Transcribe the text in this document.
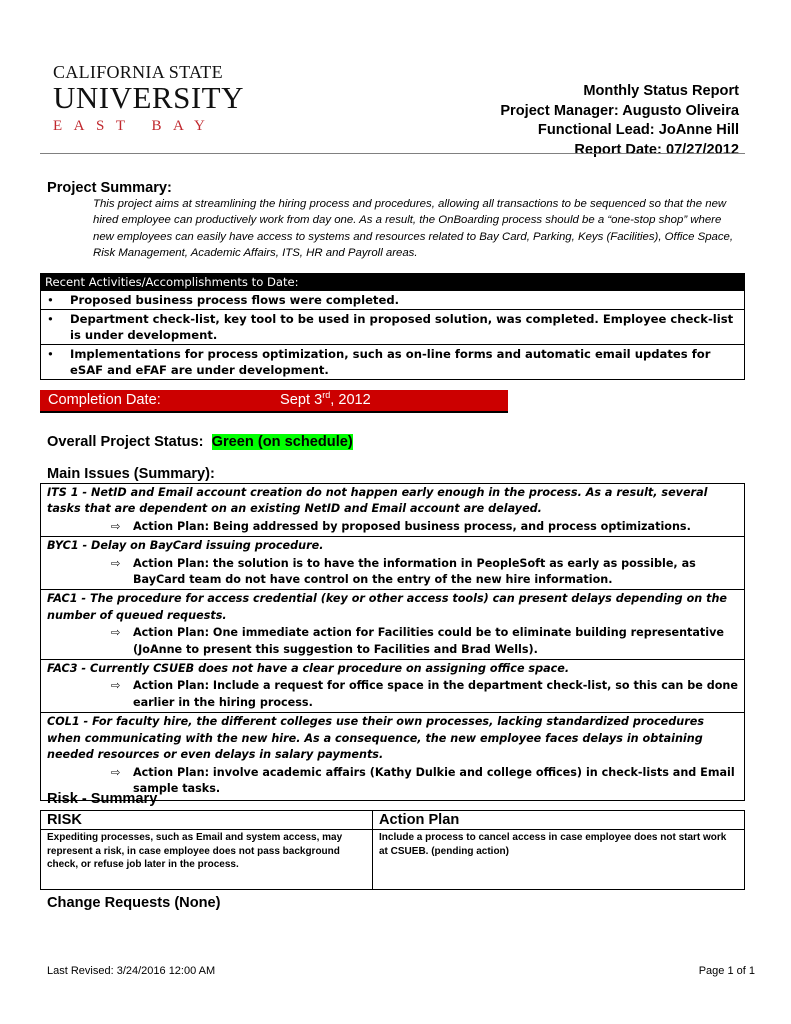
CALIFORNIA STATE
UNIVERSITY
EAST BAY
Monthly Status Report
Project Manager: Augusto Oliveira
Functional Lead: JoAnne Hill
Report Date: 07/27/2012
Project Summary:
This project aims at streamlining the hiring process and procedures, allowing all transactions to be sequenced so that the new hired employee can productively work from day one. As a result, the OnBoarding process should be a “one-stop shop” where new employees can easily have access to systems and resources related to Bay Card, Parking, Keys (Facilities), Office Space, Risk Management, Academic Affairs, ITS, HR and Payroll areas.
Recent Activities/Accomplishments to Date:

• Proposed business process flows were completed.

• Department check-list, key tool to be used in proposed solution, was completed. Employee check-list is under development.

• Implementations for process optimization, such as on-line forms and automatic email updates for eSAF and eFAF are under development.
Completion Date:	Sept 3rd, 2012
Overall Project Status: Green (on schedule)
Main Issues (Summary):
ITS 1 - NetID and Email account creation do not happen early enough in the process. As a result, several tasks that are dependent on an existing NetID and Email account are delayed.
⇨ Action Plan: Being addressed by proposed business process, and process optimizations.

BYC1 - Delay on BayCard issuing procedure.
⇨ Action Plan: the solution is to have the information in PeopleSoft as early as possible, as BayCard team do not have control on the entry of the new hire information.

FAC1 - The procedure for access credential (key or other access tools) can present delays depending on the number of queued requests.
⇨ Action Plan: One immediate action for Facilities could be to eliminate building representative (JoAnne to present this suggestion to Facilities and Brad Wells).

FAC3 - Currently CSUEB does not have a clear procedure on assigning office space.
⇨ Action Plan: Include a request for office space in the department check-list, so this can be done earlier in the hiring process.

COL1 - For faculty hire, the different colleges use their own processes, lacking standardized procedures when communicating with the new hire. As a consequence, the new employee faces delays in obtaining needed resources or even delays in salary payments.
⇨ Action Plan: involve academic affairs (Kathy Dulkie and college offices) in check-lists and Email sample tasks.
Risk - Summary
RISK	Action Plan
Expediting processes, such as Email and system access, may represent a risk, in case employee does not pass background check, or refuse job later in the process.	Include a process to cancel access in case employee does not start work at CSUEB. (pending action)
Change Requests (None)
Last Revised: 3/24/2016 12:00 AM	Page 1 of 1
